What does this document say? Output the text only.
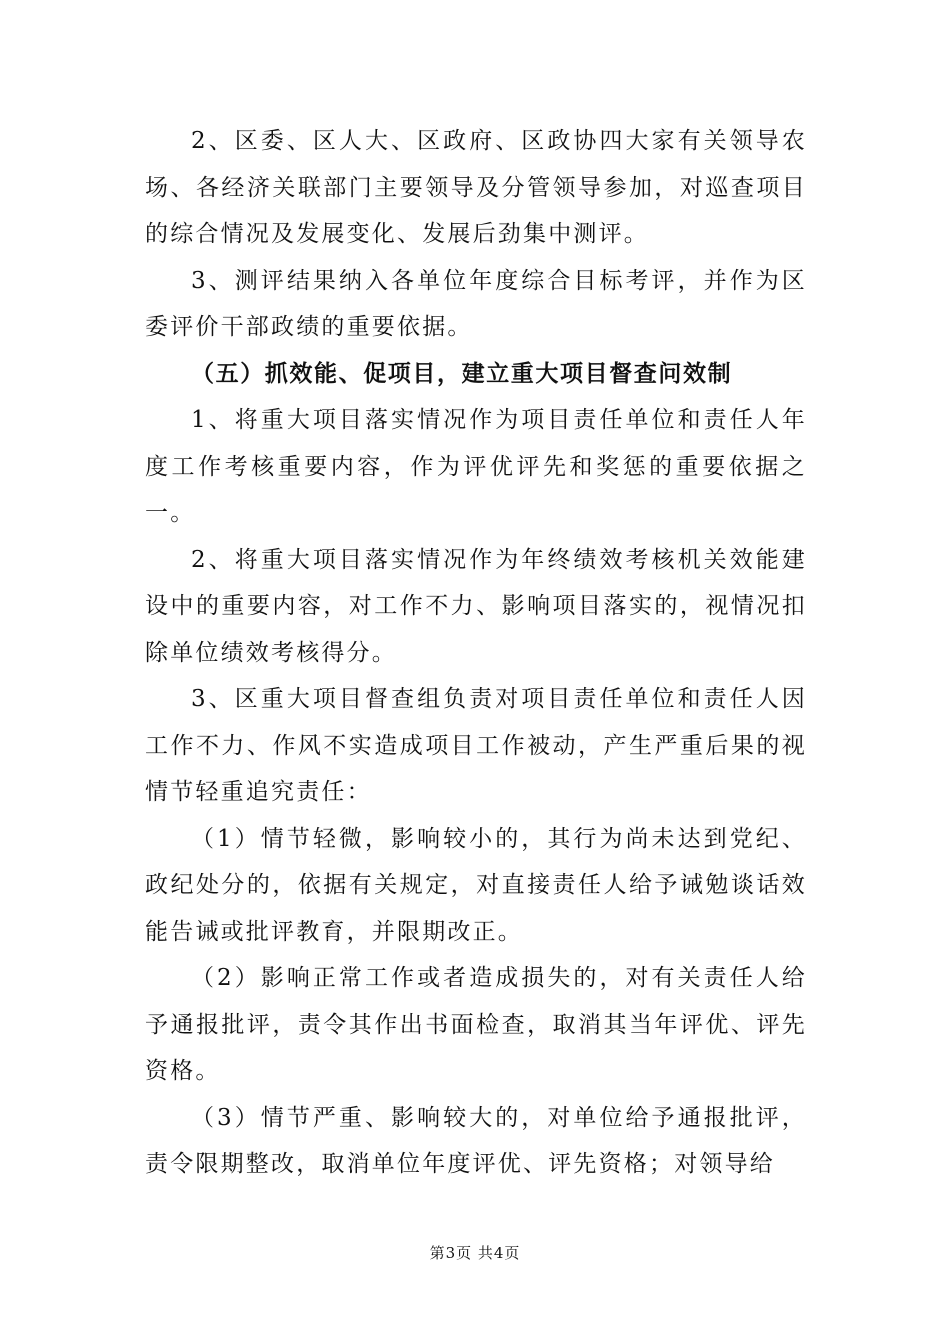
2、区委、区人大、区政府、区政协四大家有关领导农场、各经济关联部门主要领导及分管领导参加，对巡查项目的综合情况及发展变化、发展后劲集中测评。

3、测评结果纳入各单位年度综合目标考评，并作为区委评价干部政绩的重要依据。

（五）抓效能、促项目，建立重大项目督查问效制

1、将重大项目落实情况作为项目责任单位和责任人年度工作考核重要内容，作为评优评先和奖惩的重要依据之一。

2、将重大项目落实情况作为年终绩效考核机关效能建设中的重要内容，对工作不力、影响项目落实的，视情况扣除单位绩效考核得分。

3、区重大项目督查组负责对项目责任单位和责任人因工作不力、作风不实造成项目工作被动，产生严重后果的视情节轻重追究责任：

（1）情节轻微，影响较小的，其行为尚未达到党纪、政纪处分的，依据有关规定，对直接责任人给予诫勉谈话效能告诫或批评教育，并限期改正。

（2）影响正常工作或者造成损失的，对有关责任人给予通报批评，责令其作出书面检查，取消其当年评优、评先资格。

（3）情节严重、影响较大的，对单位给予通报批评，责令限期整改，取消单位年度评优、评先资格；对领导给

第3页 共4页
